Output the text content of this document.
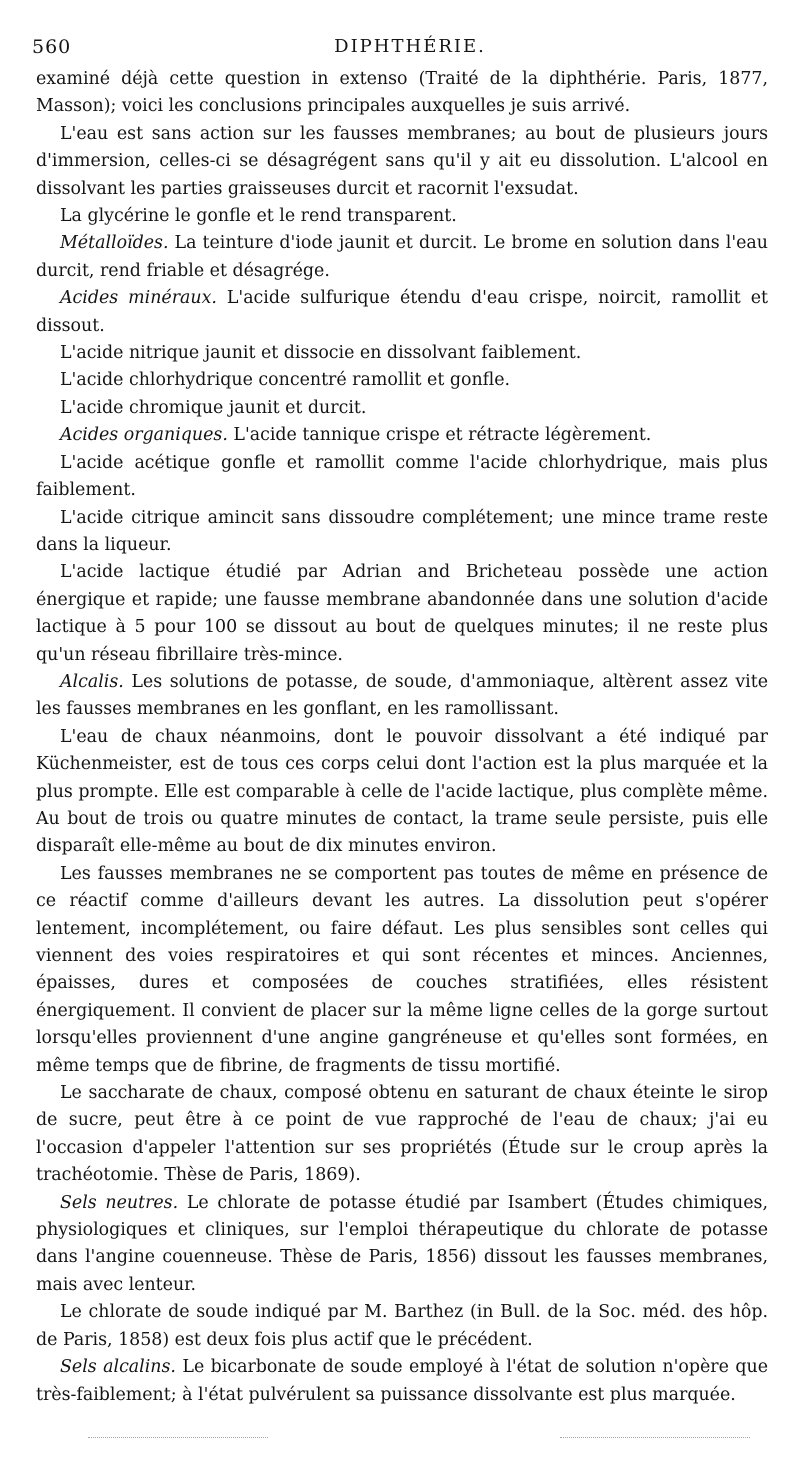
560	DIPHTHÉRIE.

examiné déjà cette question in extenso (Traité de la diphthérie. Paris, 1877, Masson); voici les conclusions principales auxquelles je suis arrivé.

L'eau est sans action sur les fausses membranes; au bout de plusieurs jours d'immersion, celles-ci se désagrégent sans qu'il y ait eu dissolution. L'alcool en dissolvant les parties graisseuses durcit et racornit l'exsudat.

La glycérine le gonfle et le rend transparent.

Métalloïdes. La teinture d'iode jaunit et durcit. Le brome en solution dans l'eau durcit, rend friable et désagrége.

Acides minéraux. L'acide sulfurique étendu d'eau crispe, noircit, ramollit et dissout.

L'acide nitrique jaunit et dissocie en dissolvant faiblement.

L'acide chlorhydrique concentré ramollit et gonfle.

L'acide chromique jaunit et durcit.

Acides organiques. L'acide tannique crispe et rétracte légèrement.

L'acide acétique gonfle et ramollit comme l'acide chlorhydrique, mais plus faiblement.

L'acide citrique amincit sans dissoudre complétement; une mince trame reste dans la liqueur.

L'acide lactique étudié par Adrian and Bricheteau possède une action énergique et rapide; une fausse membrane abandonnée dans une solution d'acide lactique à 5 pour 100 se dissout au bout de quelques minutes; il ne reste plus qu'un réseau fibrillaire très-mince.

Alcalis. Les solutions de potasse, de soude, d'ammoniaque, altèrent assez vite les fausses membranes en les gonflant, en les ramollissant.

L'eau de chaux néanmoins, dont le pouvoir dissolvant a été indiqué par Küchenmeister, est de tous ces corps celui dont l'action est la plus marquée et la plus prompte. Elle est comparable à celle de l'acide lactique, plus complète même. Au bout de trois ou quatre minutes de contact, la trame seule persiste, puis elle disparaît elle-même au bout de dix minutes environ.

Les fausses membranes ne se comportent pas toutes de même en présence de ce réactif comme d'ailleurs devant les autres. La dissolution peut s'opérer lentement, incomplétement, ou faire défaut. Les plus sensibles sont celles qui viennent des voies respiratoires et qui sont récentes et minces. Anciennes, épaisses, dures et composées de couches stratifiées, elles résistent énergiquement. Il convient de placer sur la même ligne celles de la gorge surtout lorsqu'elles proviennent d'une angine gangréneuse et qu'elles sont formées, en même temps que de fibrine, de fragments de tissu mortifié.

Le saccharate de chaux, composé obtenu en saturant de chaux éteinte le sirop de sucre, peut être à ce point de vue rapproché de l'eau de chaux; j'ai eu l'occasion d'appeler l'attention sur ses propriétés (Étude sur le croup après la trachéotomie. Thèse de Paris, 1869).

Sels neutres. Le chlorate de potasse étudié par Isambert (Études chimiques, physiologiques et cliniques, sur l'emploi thérapeutique du chlorate de potasse dans l'angine couenneuse. Thèse de Paris, 1856) dissout les fausses membranes, mais avec lenteur.

Le chlorate de soude indiqué par M. Barthez (in Bull. de la Soc. méd. des hôp. de Paris, 1858) est deux fois plus actif que le précédent.

Sels alcalins. Le bicarbonate de soude employé à l'état de solution n'opère que très-faiblement; à l'état pulvérulent sa puissance dissolvante est plus marquée.
